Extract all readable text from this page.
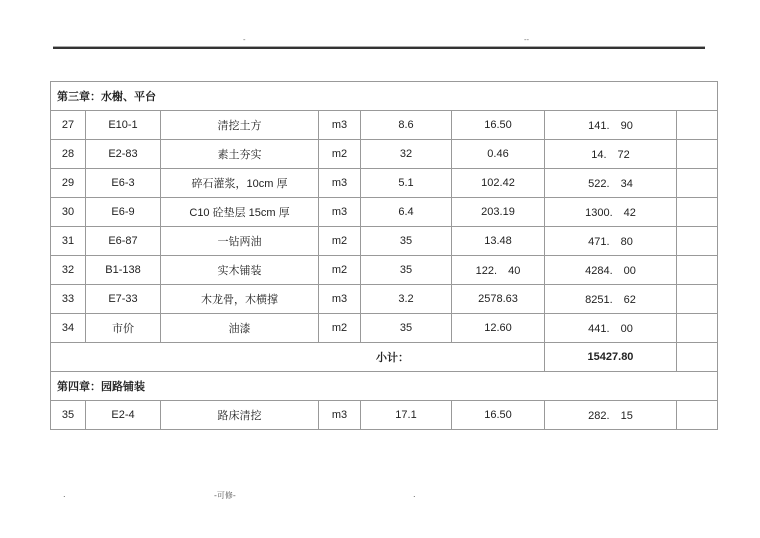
-	--
第三章：水榭、平台							
27	E10-1	清挖土方	m3	8.6	16.50	141.　90	
28	E2-83	素土夯实	m2	32	0.46	14.　72	
29	E6-3	碎石灌浆，10cm 厚	m3	5.1	102.42	522.　34	
30	E6-9	C10 砼垫层 15cm 厚	m3	6.4	203.19	1300.　42	
31	E6-87	一钻两油	m2	35	13.48	471.　80	
32	B1-138	实木铺装	m2	35	122.　40	4284.　00	
33	E7-33	木龙骨，木横撑	m3	3.2	2578.63	8251.　62	
34	市价	油漆	m2	35	12.60	441.　00	
小计：						15427.80	
第四章：园路铺装							
35	E2-4	路床清挖	m3	17.1	16.50	282.　15	
.	-可修-	.
